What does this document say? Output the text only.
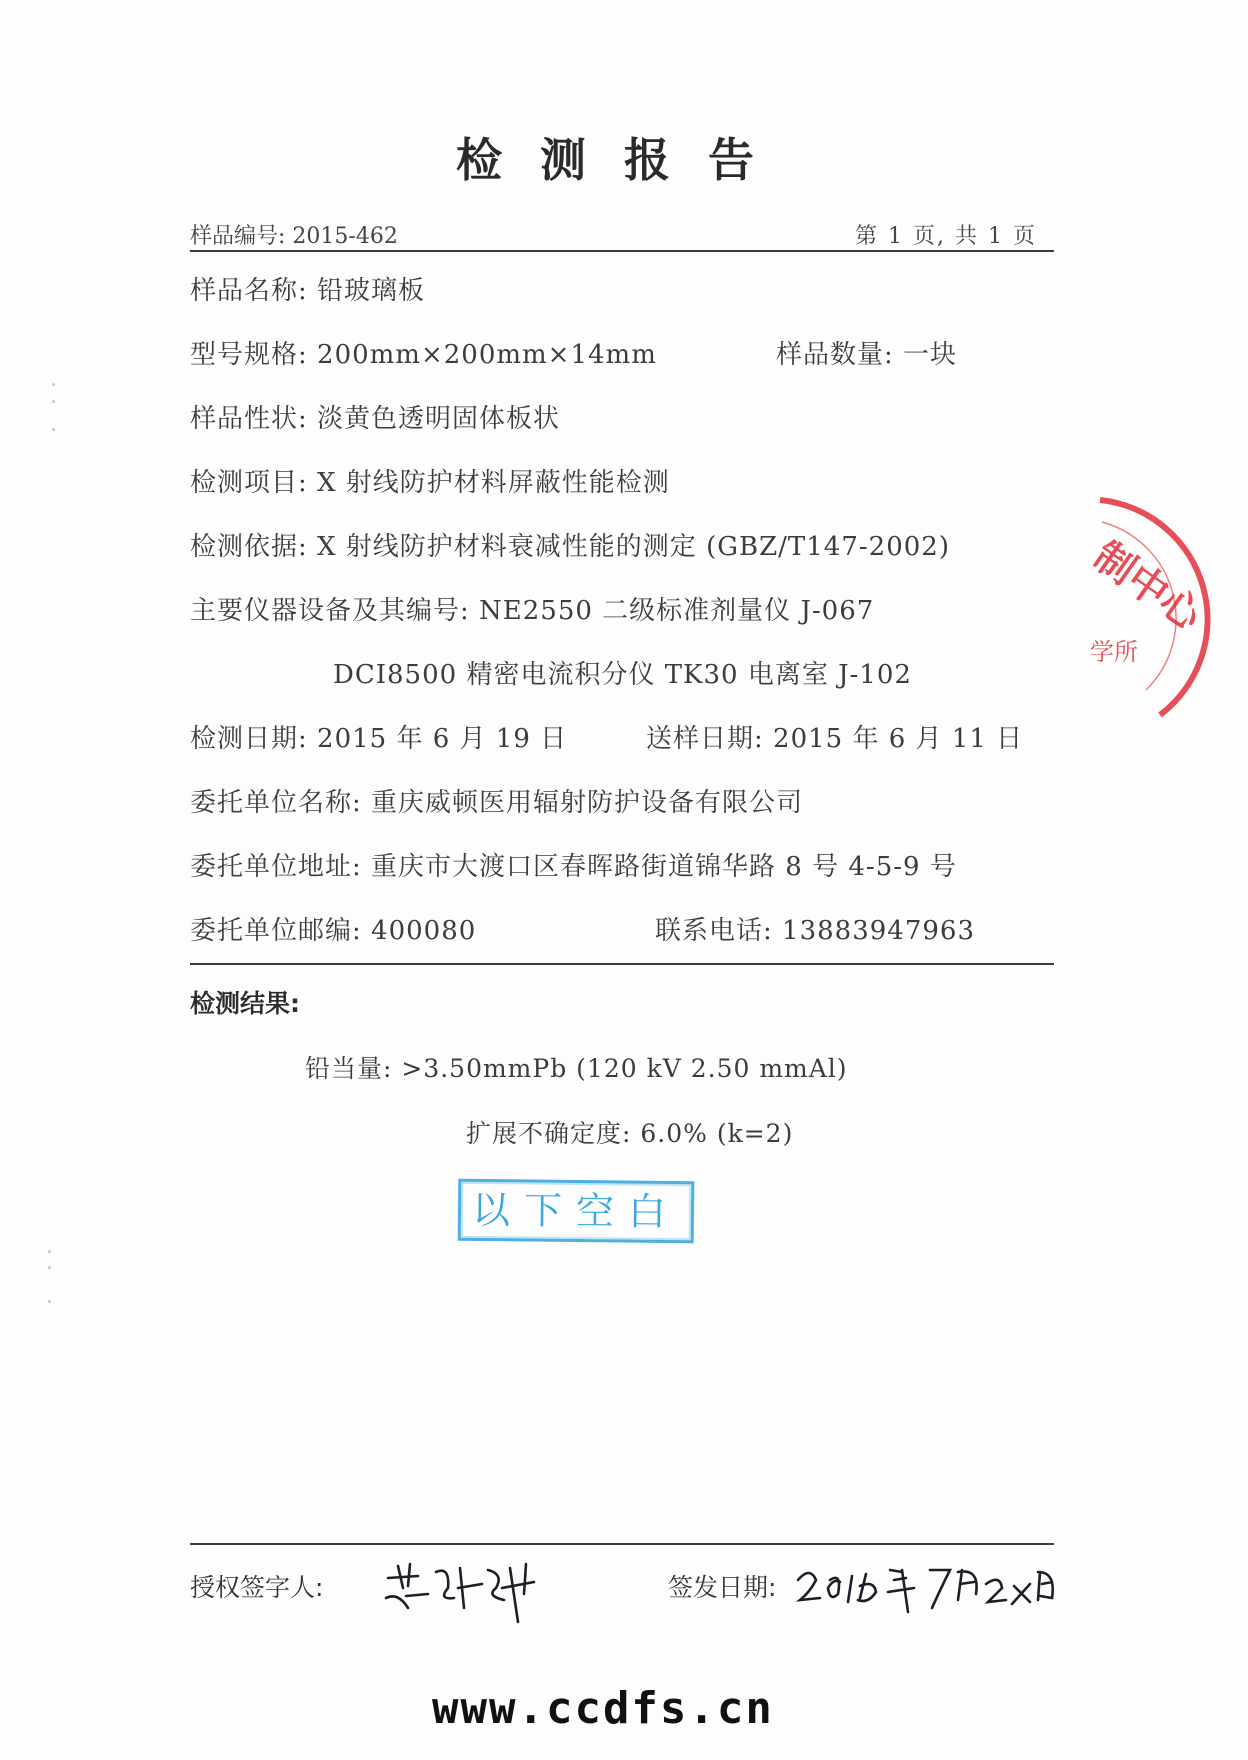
检测报告
样品编号: 2015-462	第 1 页, 共 1 页
样品名称: 铅玻璃板
型号规格: 200mm×200mm×14mm	样品数量: 一块
样品性状: 淡黄色透明固体板状
检测项目: X 射线防护材料屏蔽性能检测
检测依据: X 射线防护材料衰减性能的测定 (GBZ/T147-2002)
主要仪器设备及其编号: NE2550 二级标准剂量仪 J-067
DCI8500 精密电流积分仪 TK30 电离室 J-102
检测日期: 2015 年 6 月 19 日	送样日期: 2015 年 6 月 11 日
委托单位名称: 重庆威顿医用辐射防护设备有限公司
委托单位地址: 重庆市大渡口区春晖路街道锦华路 8 号 4-5-9 号
委托单位邮编: 400080	联系电话: 13883947963
检测结果:
铅当量: >3.50mmPb (120 kV 2.50 mmAl)
扩展不确定度: 6.0% (k=2)
以下空白
制中心
学所
授权签字人:	签发日期:
www.ccdfs.cn
